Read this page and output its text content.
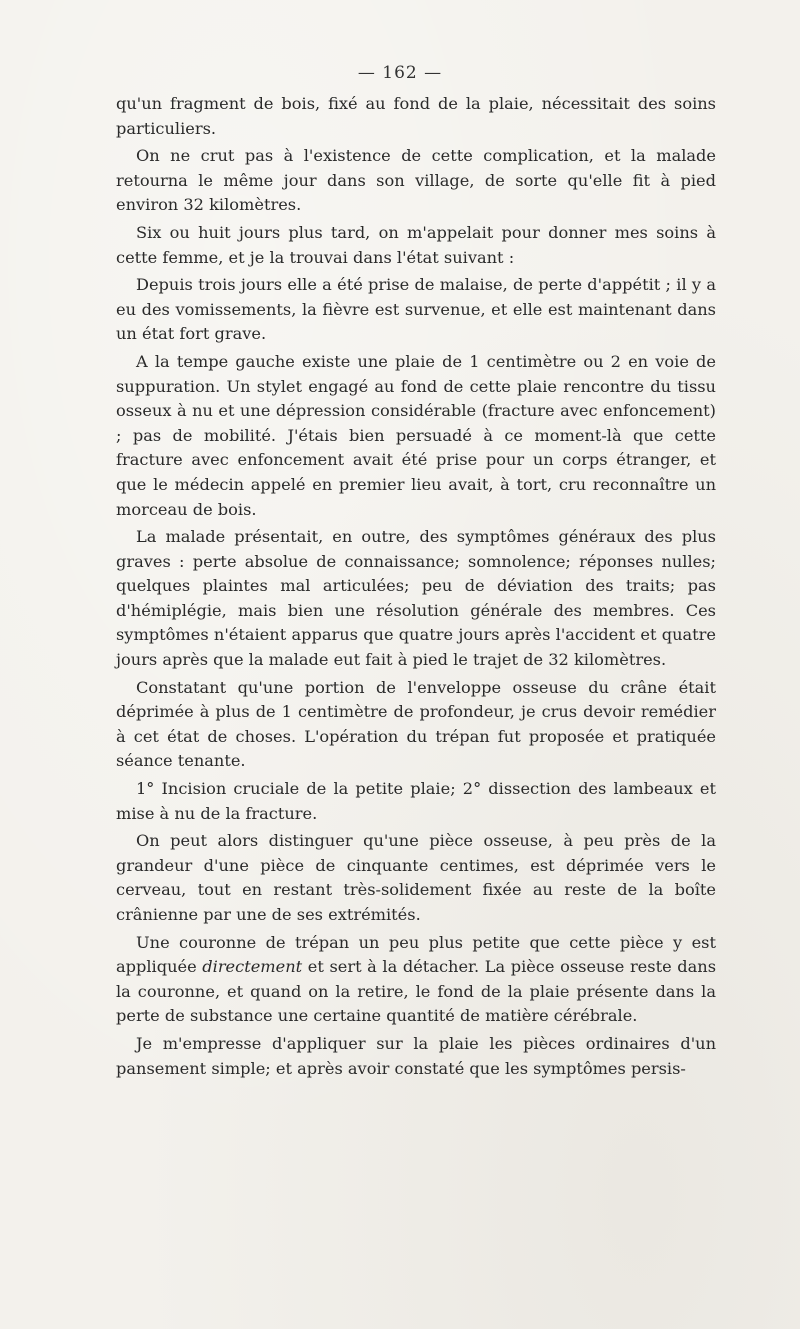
— 162 —

qu'un fragment de bois, fixé au fond de la plaie, nécessitait des soins particuliers.

On ne crut pas à l'existence de cette complication, et la malade retourna le même jour dans son village, de sorte qu'elle fit à pied environ 32 kilomètres.

Six ou huit jours plus tard, on m'appelait pour donner mes soins à cette femme, et je la trouvai dans l'état suivant :

Depuis trois jours elle a été prise de malaise, de perte d'appétit ; il y a eu des vomissements, la fièvre est survenue, et elle est maintenant dans un état fort grave.

A la tempe gauche existe une plaie de 1 centimètre ou 2 en voie de suppuration. Un stylet engagé au fond de cette plaie rencontre du tissu osseux à nu et une dépression considérable (fracture avec enfoncement) ; pas de mobilité. J'étais bien persuadé à ce moment-là que cette fracture avec enfoncement avait été prise pour un corps étranger, et que le médecin appelé en premier lieu avait, à tort, cru reconnaître un morceau de bois.

La malade présentait, en outre, des symptômes généraux des plus graves : perte absolue de connaissance; somnolence; réponses nulles; quelques plaintes mal articulées; peu de déviation des traits; pas d'hémiplégie, mais bien une résolution générale des membres. Ces symptômes n'étaient apparus que quatre jours après l'accident et quatre jours après que la malade eut fait à pied le trajet de 32 kilomètres.

Constatant qu'une portion de l'enveloppe osseuse du crâne était déprimée à plus de 1 centimètre de profondeur, je crus devoir remédier à cet état de choses. L'opération du trépan fut proposée et pratiquée séance tenante.

1° Incision cruciale de la petite plaie; 2° dissection des lambeaux et mise à nu de la fracture.

On peut alors distinguer qu'une pièce osseuse, à peu près de la grandeur d'une pièce de cinquante centimes, est déprimée vers le cerveau, tout en restant très-solidement fixée au reste de la boîte crânienne par une de ses extrémités.

Une couronne de trépan un peu plus petite que cette pièce y est appliquée directement et sert à la détacher. La pièce osseuse reste dans la couronne, et quand on la retire, le fond de la plaie présente dans la perte de substance une certaine quantité de matière cérébrale.

Je m'empresse d'appliquer sur la plaie les pièces ordinaires d'un pansement simple; et après avoir constaté que les symptômes persis-
